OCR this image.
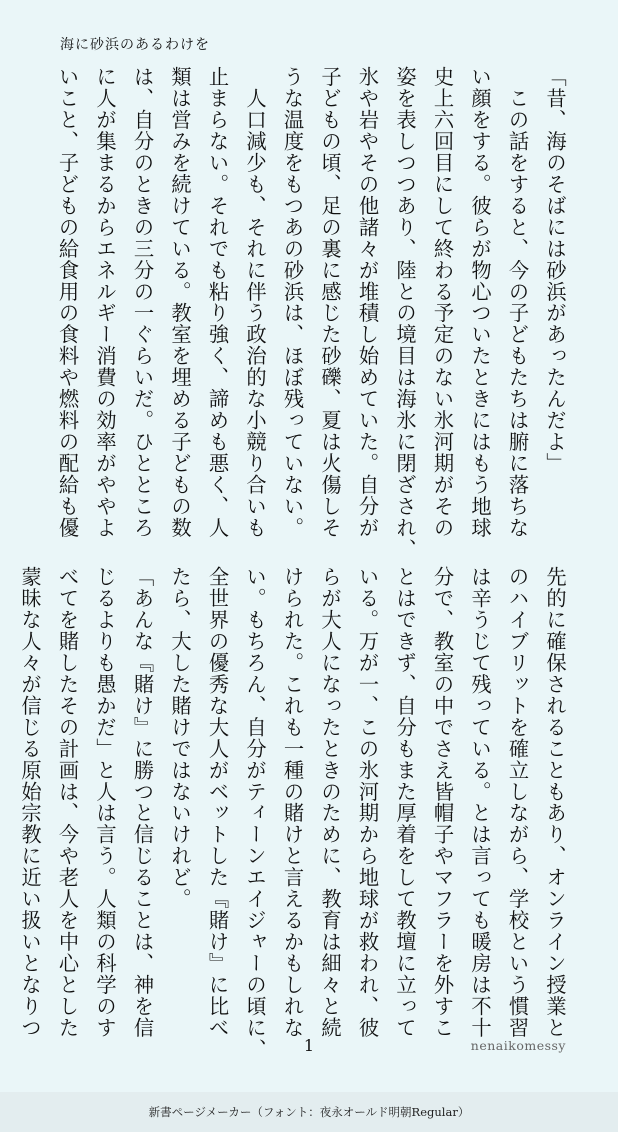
海に砂浜のあるわけを
「昔、海のそばには砂浜があったんだよ」
　この話をすると、今の子どもたちは腑に落ちな
い顔をする。彼らが物心ついたときにはもう地球
史上六回目にして終わる予定のない氷河期がその
姿を表しつつあり、陸との境目は海氷に閉ざされ、
氷や岩やその他諸々が堆積し始めていた。自分が
子どもの頃、足の裏に感じた砂礫、夏は火傷しそ
うな温度をもつあの砂浜は、ほぼ残っていない。
　人口減少も、それに伴う政治的な小競り合いも
止まらない。それでも粘り強く、諦めも悪く、人
類は営みを続けている。教室を埋める子どもの数
は、自分のときの三分の一ぐらいだ。ひとところ
に人が集まるからエネルギー消費の効率がややよ
いこと、子どもの給食用の食料や燃料の配給も優
先的に確保されることもあり、オンライン授業と
のハイブリットを確立しながら、学校という慣習
は辛うじて残っている。とは言っても暖房は不十
分で、教室の中でさえ皆帽子やマフラーを外すこ
とはできず、自分もまた厚着をして教壇に立って
いる。万が一、この氷河期から地球が救われ、彼
らが大人になったときのために、教育は細々と続
けられた。これも一種の賭けと言えるかもしれな
い。もちろん、自分がティーンエイジャーの頃に、
全世界の優秀な大人がベットした『賭け』に比べ
たら、大した賭けではないけれど。
「あんな『賭け』に勝つと信じることは、神を信
じるよりも愚かだ」と人は言う。人類の科学のす
べてを賭したその計画は、今や老人を中心とした
蒙昧な人々が信じる原始宗教に近い扱いとなりつ
1	nenaikomessy
新書ページメーカー（フォント：夜永オールド明朝Regular）
